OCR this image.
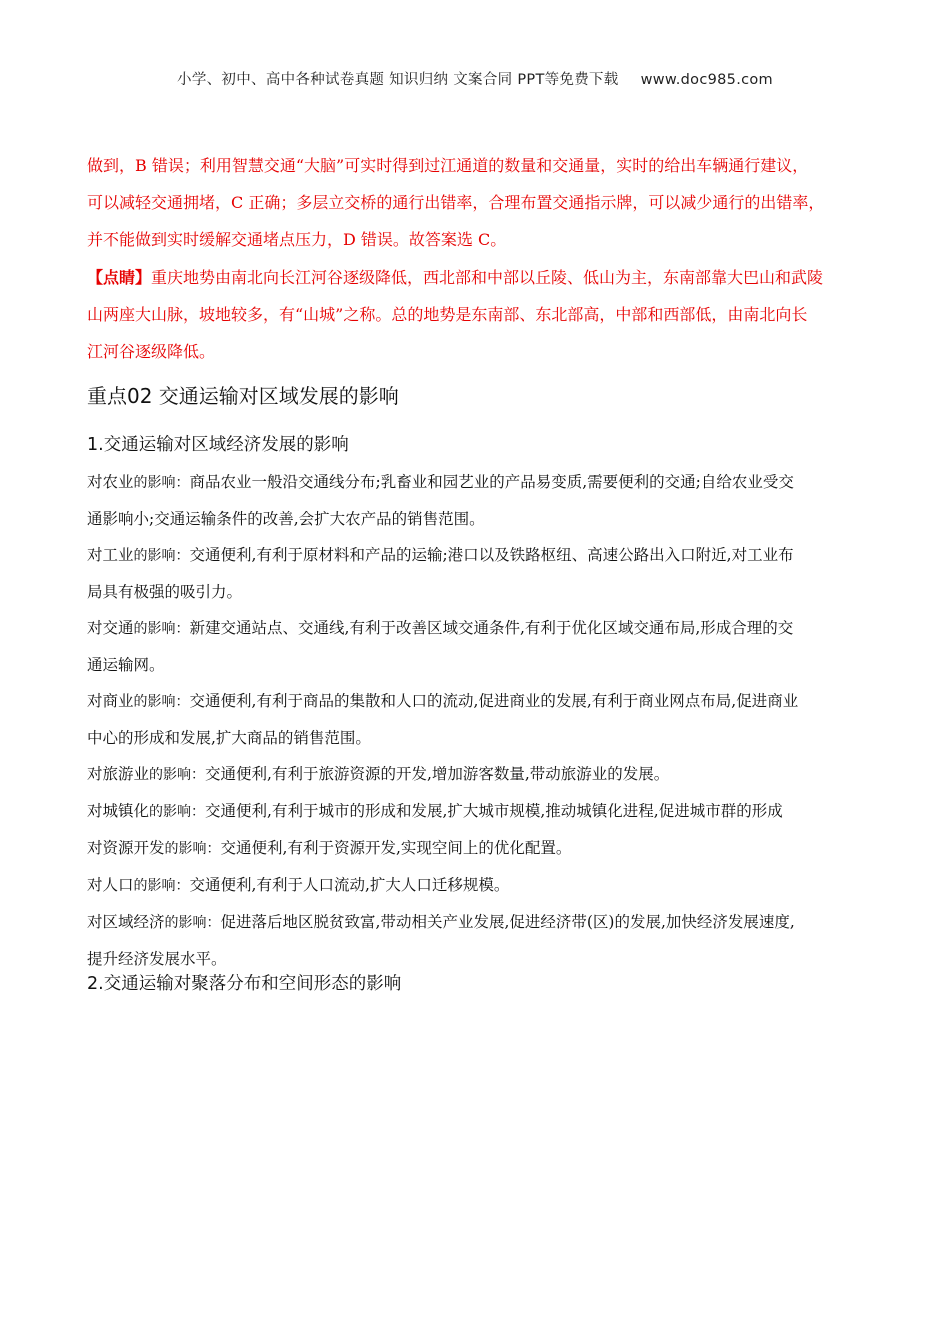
小学、初中、高中各种试卷真题 知识归纳 文案合同 PPT等免费下载 www.doc985.com

做到，B 错误；利用智慧交通“大脑”可实时得到过江通道的数量和交通量，实时的给出车辆通行建议，

可以减轻交通拥堵，C 正确；多层立交桥的通行出错率，合理布置交通指示牌，可以减少通行的出错率，

并不能做到实时缓解交通堵点压力，D 错误。故答案选 C。

【点睛】重庆地势由南北向长江河谷逐级降低，西北部和中部以丘陵、低山为主，东南部靠大巴山和武陵

山两座大山脉，坡地较多，有“山城”之称。总的地势是东南部、东北部高，中部和西部低，由南北向长

江河谷逐级降低。

重点02 交通运输对区域发展的影响
1.交通运输对区域经济发展的影响

对农业的影响：商品农业一般沿交通线分布;乳畜业和园艺业的产品易变质,需要便利的交通;自给农业受交

通影响小;交通运输条件的改善,会扩大农产品的销售范围。

对工业的影响：交通便利,有利于原材料和产品的运输;港口以及铁路枢纽、高速公路出入口附近,对工业布

局具有极强的吸引力。

对交通的影响：新建交通站点、交通线,有利于改善区域交通条件,有利于优化区域交通布局,形成合理的交

通运输网。

对商业的影响：交通便利,有利于商品的集散和人口的流动,促进商业的发展,有利于商业网点布局,促进商业

中心的形成和发展,扩大商品的销售范围。

对旅游业的影响：交通便利,有利于旅游资源的开发,增加游客数量,带动旅游业的发展。

对城镇化的影响：交通便利,有利于城市的形成和发展,扩大城市规模,推动城镇化进程,促进城市群的形成

对资源开发的影响：交通便利,有利于资源开发,实现空间上的优化配置。

对人口的影响：交通便利,有利于人口流动,扩大人口迁移规模。

对区域经济的影响：促进落后地区脱贫致富,带动相关产业发展,促进经济带(区)的发展,加快经济发展速度,

提升经济发展水平。

2.交通运输对聚落分布和空间形态的影响
